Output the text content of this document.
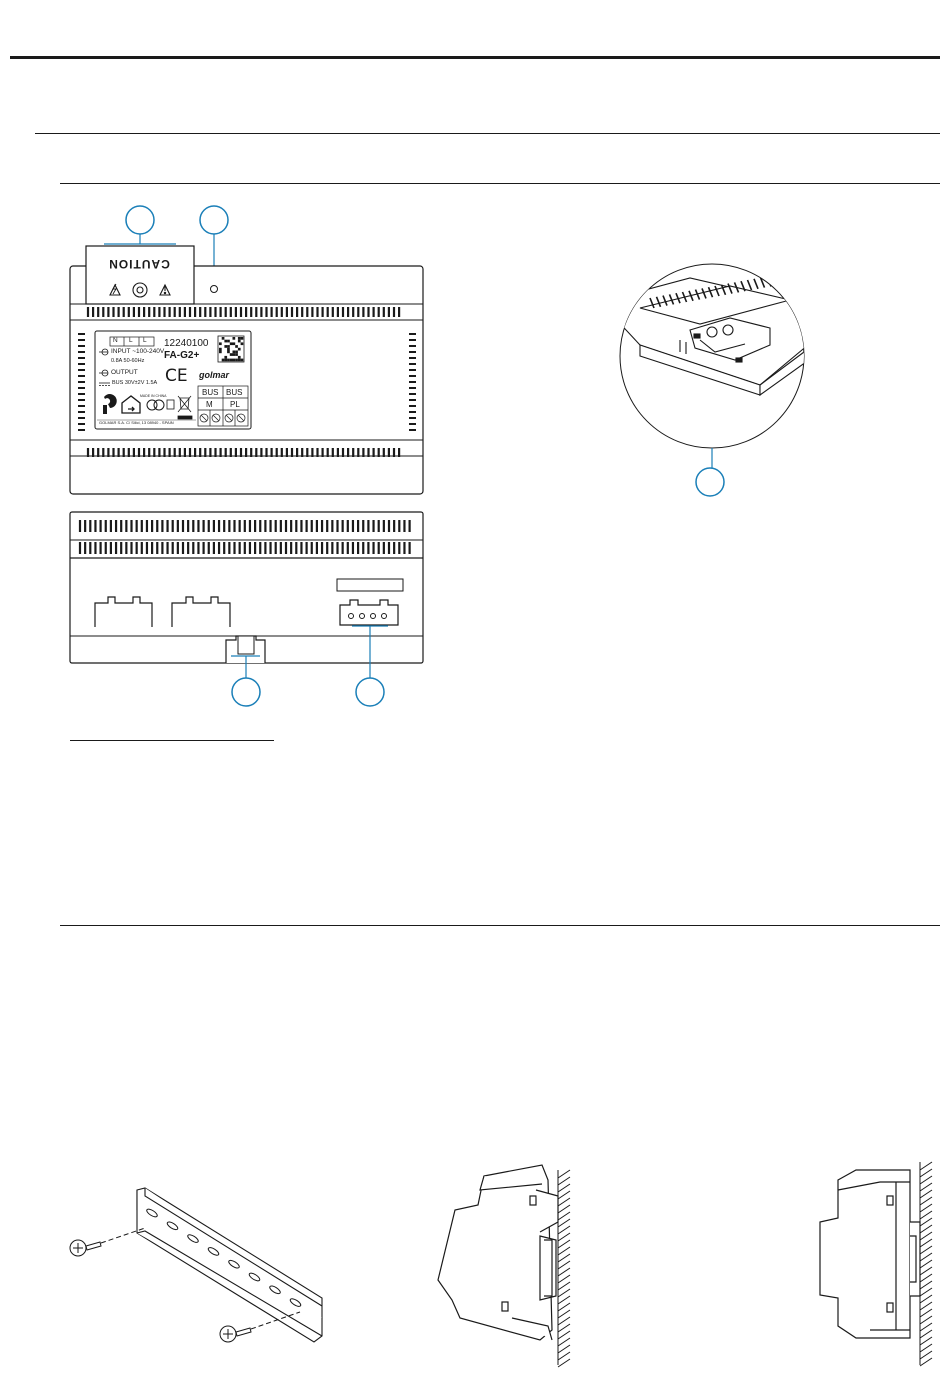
CAUTION
N L L 12240100
FA-G2+
INPUT ~100-240V
0.8A 50-60Hz
OUTPUT
BUS 30V±2V 1.5A CE golmar
BUS BUS
M PL
MADE IN CHINA
GOLMAR S.A. C/ Silici, 13 08940 - SPAIN
